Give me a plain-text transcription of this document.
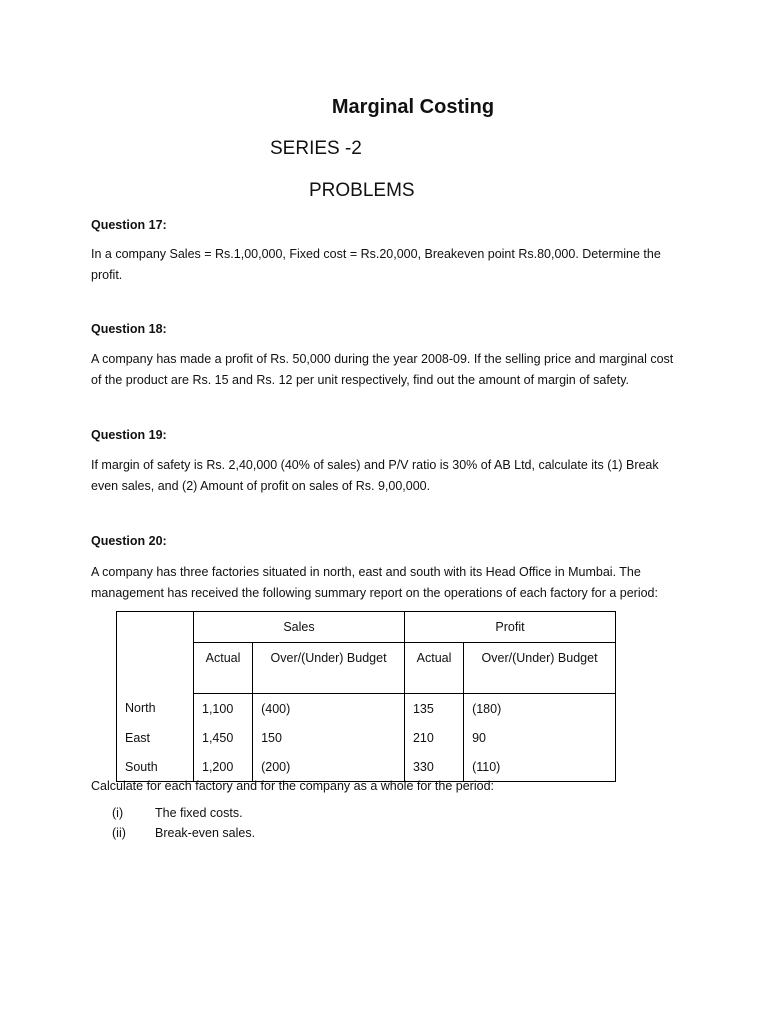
Marginal Costing

SERIES -2

PROBLEMS

Question 17:

In a company Sales = Rs.1,00,000, Fixed cost = Rs.20,000, Breakeven point Rs.80,000. Determine the profit.

Question 18:

A company has made a profit of Rs. 50,000 during the year 2008-09. If the selling price and marginal cost of the product are Rs. 15 and Rs. 12 per unit respectively, find out the amount of margin of safety.

Question 19:

If margin of safety is Rs. 2,40,000 (40% of sales) and P/V ratio is 30% of AB Ltd, calculate its (1) Break even sales, and (2) Amount of profit on sales of Rs. 9,00,000.

Question 20:

A company has three factories situated in north, east and south with its Head Office in Mumbai. The management has received the following summary report on the operations of each factory for a period:

	Sales		Profit	
	Actual	Over/(Under) Budget	Actual	Over/(Under) Budget
North	1,100	(400)	135	(180)
East	1,450	150	210	90
South	1,200	(200)	330	(110)

Calculate for each factory and for the company as a whole for the period:

(i)	The fixed costs.
(ii)	Break-even sales.
